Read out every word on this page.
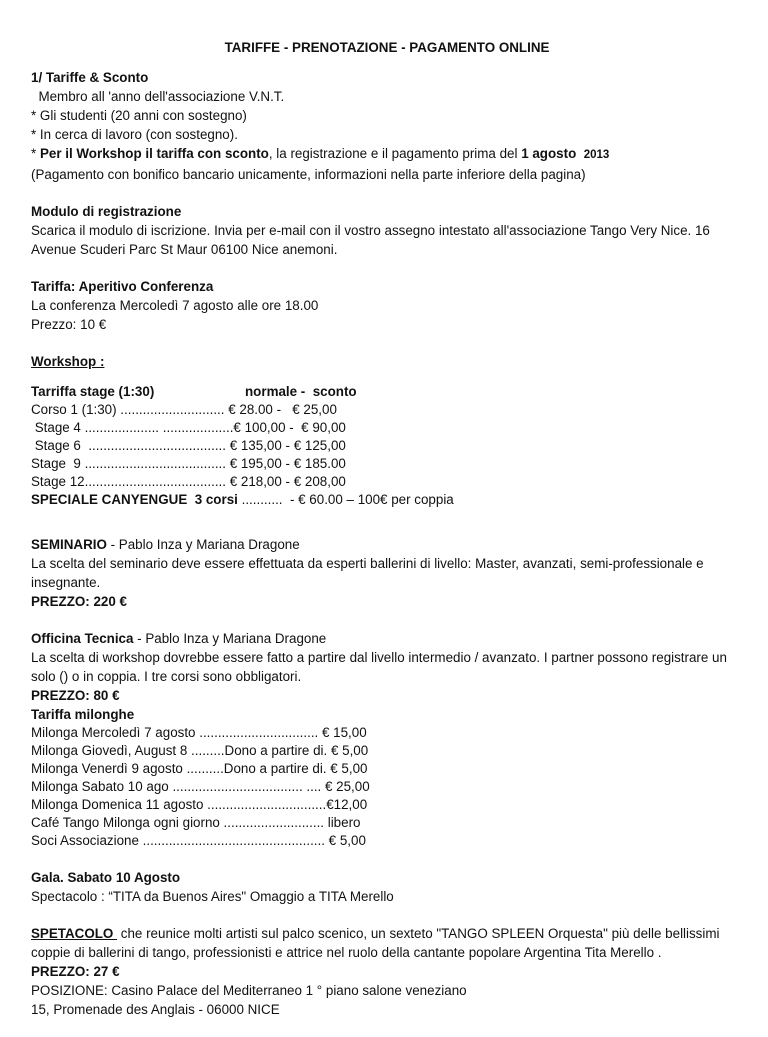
TARIFFE - PRENOTAZIONE - PAGAMENTO ONLINE
1/ Tariffe & Sconto
Membro all 'anno dell'associazione V.N.T.
* Gli studenti (20 anni con sostegno)
* In cerca di lavoro (con sostegno).
* Per il Workshop il tariffa con sconto, la registrazione e il pagamento prima del 1 agosto 2013
(Pagamento con bonifico bancario unicamente, informazioni nella parte inferiore della pagina)
Modulo di registrazione
Scarica il modulo di iscrizione. Invia per e-mail con il vostro assegno intestato all'associazione Tango Very Nice. 16 Avenue Scuderi Parc St Maur 06100 Nice anemoni.
Tariffa: Aperitivo Conferenza
La conferenza Mercoledì 7 agosto alle ore 18.00
Prezzo: 10 €
Workshop :
Tarriffa stage (1:30)	normale -  sconto
Corso 1 (1:30) ............................ € 28.00 -   € 25,00
Stage 4 .................... ...................€ 100,00 -  € 90,00
Stage 6  ..................................... € 135,00 - € 125,00
Stage  9 ...................................... € 195,00 - € 185.00
Stage 12...................................... € 218,00 - € 208,00
SPECIALE CANYENGUE  3 corsi ...........  - € 60.00 – 100€ per coppia
SEMINARIO - Pablo Inza y Mariana Dragone
La scelta del seminario deve essere effettuata da esperti ballerini di livello: Master, avanzati, semi-professionale e insegnante.
PREZZO: 220 €
Officina Tecnica - Pablo Inza y Mariana Dragone
La scelta di workshop dovrebbe essere fatto a partire dal livello intermedio / avanzato. I partner possono registrare un solo () o in coppia. I tre corsi sono obbligatori.
PREZZO: 80 €
Tariffa milonghe
Milonga Mercoledì 7 agosto ................................ € 15,00
Milonga Giovedì, August 8 .........Dono a partire di. € 5,00
Milonga Venerdì 9 agosto ..........Dono a partire di. € 5,00
Milonga Sabato 10 ago ................................... .... € 25,00
Milonga Domenica 11 agosto ................................€12,00
Café Tango Milonga ogni giorno ........................... libero
Soci Associazione ................................................. € 5,00
Gala. Sabato 10 Agosto
Spectacolo : “TITA da Buenos Aires" Omaggio a TITA Merello
SPETACOLO  che reunice molti artisti sul palco scenico, un sexteto "TANGO SPLEEN Orquesta" più delle bellissimi coppie di ballerini di tango, professionisti e attrice nel ruolo della cantante popolare Argentina Tita Merello .
PREZZO: 27 €
POSIZIONE: Casino Palace del Mediterraneo 1 ° piano salone veneziano
15, Promenade des Anglais - 06000 NICE
